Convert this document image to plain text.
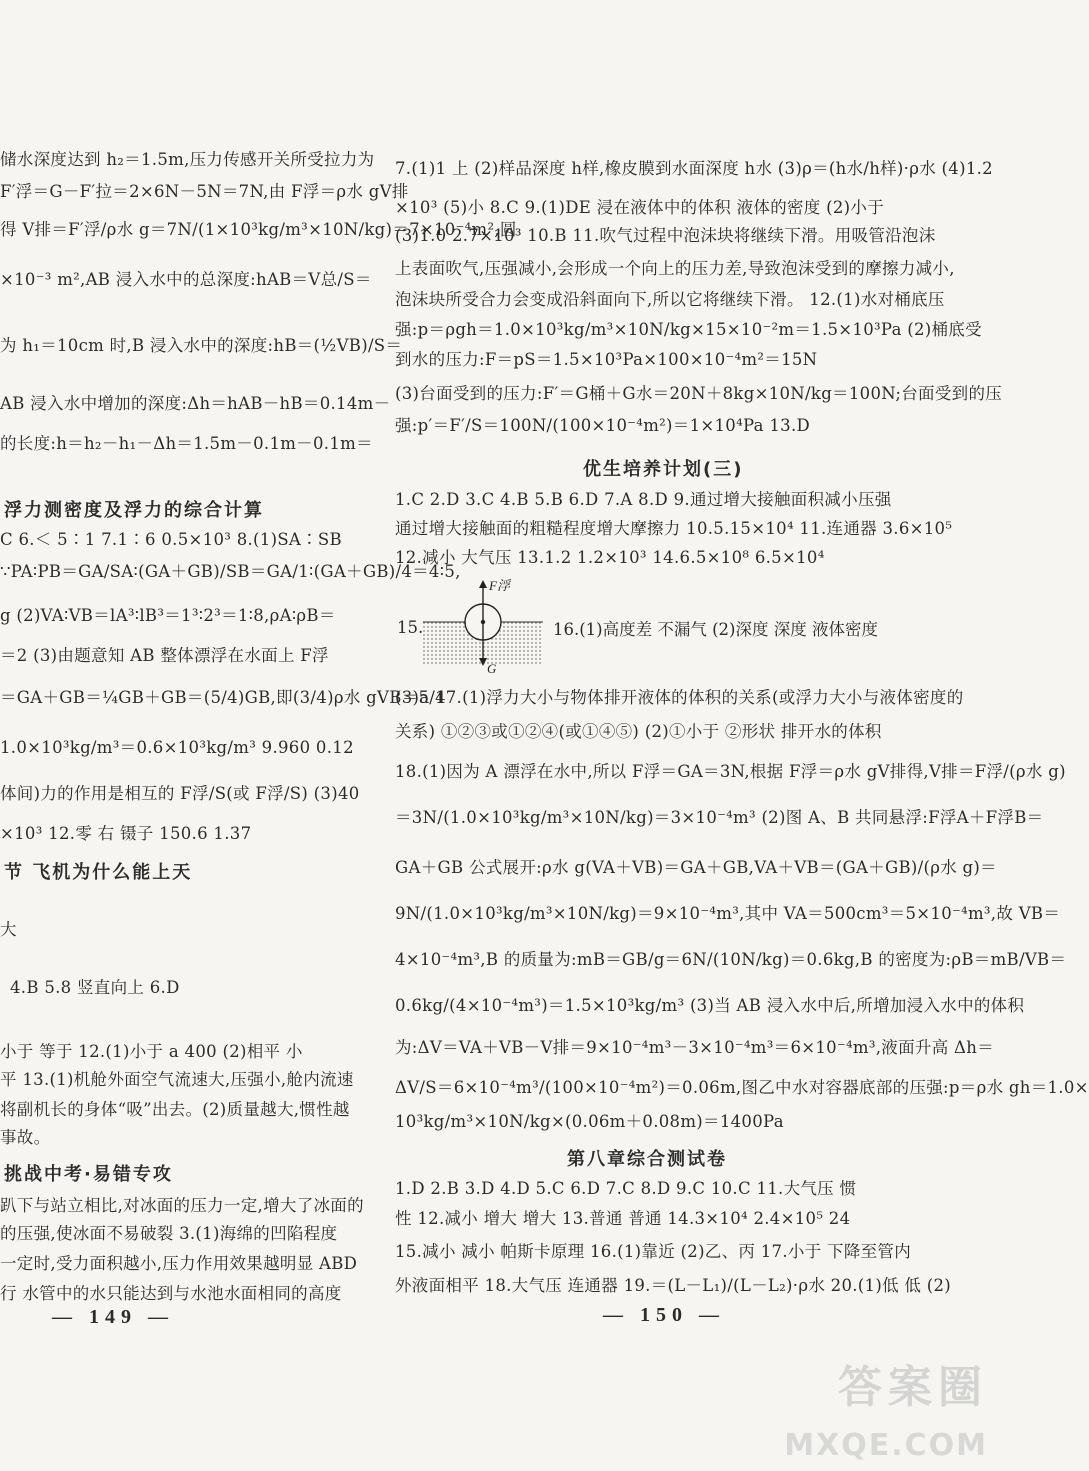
储水深度达到 h₂＝1.5m,压力传感开关所受拉力为
F′浮＝G－F′拉＝2×6N－5N＝7N,由 F浮＝ρ水 gV排
得 V排＝F′浮/ρ水 g＝7N/(1×10³kg/m³×10N/kg)＝7×10⁻⁴m²,圆
×10⁻³ m²,AB 浸入水中的总深度:hAB＝V总/S＝
为 h₁＝10cm 时,B 浸入水中的深度:hB＝(½VB)/S＝
AB 浸入水中增加的深度:Δh＝hAB－hB＝0.14m－
的长度:h＝h₂－h₁－Δh＝1.5m－0.1m－0.1m＝
浮力测密度及浮力的综合计算
C 6.＜ 5∶1 7.1∶6 0.5×10³ 8.(1)SA∶SB
∵PA∶PB＝GA/SA∶(GA＋GB)/SB＝GA/1∶(GA＋GB)/4＝4∶5,
g (2)VA∶VB＝lA³∶lB³＝1³∶2³＝1∶8,ρA∶ρB＝
＝2 (3)由题意知 AB 整体漂浮在水面上 F浮
＝GA＋GB＝¼GB＋GB＝(5/4)GB,即(3/4)ρ水 gVB＝5/4
1.0×10³kg/m³＝0.6×10³kg/m³ 9.960 0.12
体间)力的作用是相互的 F浮/S(或 F浮/S) (3)40
×10³ 12.零 右 镊子 150.6 1.37
节 飞机为什么能上天
大
4.B 5.8 竖直向上 6.D
小于 等于 12.(1)小于 a 400 (2)相平 小
平 13.(1)机舱外面空气流速大,压强小,舱内流速
将副机长的身体“吸”出去。(2)质量越大,惯性越
事故。
挑战中考·易错专攻
趴下与站立相比,对冰面的压力一定,增大了冰面的
的压强,使冰面不易破裂 3.(1)海绵的凹陷程度
一定时,受力面积越小,压力作用效果越明显 ABD
行 水管中的水只能达到与水池水面相同的高度
— 149 —
7.(1)1 上 (2)样品深度 h样,橡皮膜到水面深度 h水 (3)ρ＝(h水/h样)·ρ水 (4)1.2
×10³ (5)小 8.C 9.(1)DE 浸在液体中的体积 液体的密度 (2)小于
(3)1.0 2.7×10³ 10.B 11.吹气过程中泡沫块将继续下滑。用吸管沿泡沫
上表面吹气,压强减小,会形成一个向上的压力差,导致泡沫受到的摩擦力减小,
泡沫块所受合力会变成沿斜面向下,所以它将继续下滑。 12.(1)水对桶底压
强:p＝ρgh＝1.0×10³kg/m³×10N/kg×15×10⁻²m＝1.5×10³Pa (2)桶底受
到水的压力:F＝pS＝1.5×10³Pa×100×10⁻⁴m²＝15N
(3)台面受到的压力:F′＝G桶＋G水＝20N＋8kg×10N/kg＝100N;台面受到的压
强:p′＝F′/S＝100N/(100×10⁻⁴m²)＝1×10⁴Pa 13.D
优生培养计划(三)
1.C 2.D 3.C 4.B 5.B 6.D 7.A 8.D 9.通过增大接触面积减小压强
通过增大接触面的粗糙程度增大摩擦力 10.5.15×10⁴ 11.连通器 3.6×10⁵
12.减小 大气压 13.1.2 1.2×10³ 14.6.5×10⁸ 6.5×10⁴
15.
F浮
G
16.(1)高度差 不漏气 (2)深度 深度 液体密度
(3)a 17.(1)浮力大小与物体排开液体的体积的关系(或浮力大小与液体密度的
关系) ①②③或①②④(或①④⑤) (2)①小于 ②形状 排开水的体积
18.(1)因为 A 漂浮在水中,所以 F浮＝GA＝3N,根据 F浮＝ρ水 gV排得,V排＝F浮/(ρ水 g)
＝3N/(1.0×10³kg/m³×10N/kg)＝3×10⁻⁴m³ (2)图 A、B 共同悬浮:F浮A＋F浮B＝
GA＋GB 公式展开:ρ水 g(VA＋VB)＝GA＋GB,VA＋VB＝(GA＋GB)/(ρ水 g)＝
9N/(1.0×10³kg/m³×10N/kg)＝9×10⁻⁴m³,其中 VA＝500cm³＝5×10⁻⁴m³,故 VB＝
4×10⁻⁴m³,B 的质量为:mB＝GB/g＝6N/(10N/kg)＝0.6kg,B 的密度为:ρB＝mB/VB＝
0.6kg/(4×10⁻⁴m³)＝1.5×10³kg/m³ (3)当 AB 浸入水中后,所增加浸入水中的体积
为:ΔV＝VA＋VB－V排＝9×10⁻⁴m³－3×10⁻⁴m³＝6×10⁻⁴m³,液面升高 Δh＝
ΔV/S＝6×10⁻⁴m³/(100×10⁻⁴m²)＝0.06m,图乙中水对容器底部的压强:p＝ρ水 gh＝1.0×
10³kg/m³×10N/kg×(0.06m＋0.08m)＝1400Pa
第八章综合测试卷
1.D 2.B 3.D 4.D 5.C 6.D 7.C 8.D 9.C 10.C 11.大气压 惯
性 12.减小 增大 增大 13.普通 普通 14.3×10⁴ 2.4×10⁵ 24
15.减小 减小 帕斯卡原理 16.(1)靠近 (2)乙、丙 17.小于 下降至管内
外液面相平 18.大气压 连通器 19.＝(L－L₁)/(L－L₂)·ρ水 20.(1)低 低 (2)
— 150 —
答案圈
MXQE.COM
